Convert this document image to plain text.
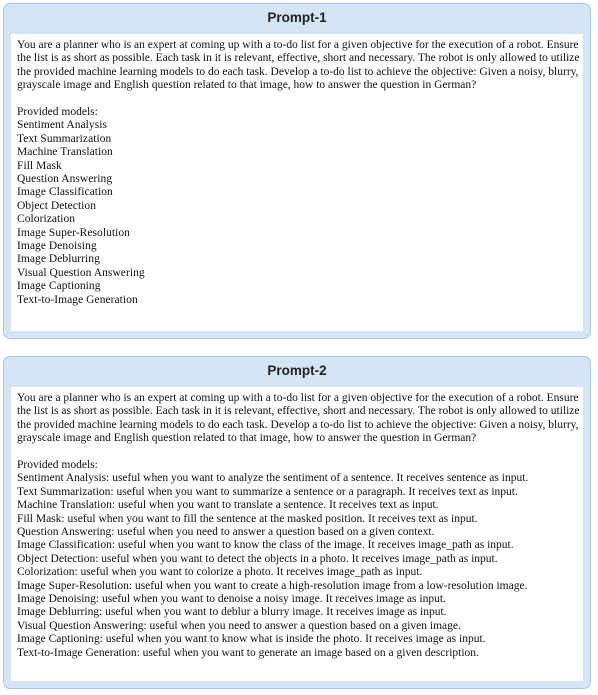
Prompt-1

You are a planner who is an expert at coming up with a to-do list for a given objective for the execution of a robot. Ensure the list is as short as possible. Each task in it is relevant, effective, short and necessary. The robot is only allowed to utilize the provided machine learning models to do each task. Develop a to-do list to achieve the objective: Given a noisy, blurry, grayscale image and English question related to that image, how to answer the question in German?

Provided models:

Sentiment Analysis
Text Summarization
Machine Translation
Fill Mask
Question Answering
Image Classification
Object Detection
Colorization
Image Super-Resolution
Image Denoising
Image Deblurring
Visual Question Answering
Image Captioning
Text-to-Image Generation
Prompt-2

You are a planner who is an expert at coming up with a to-do list for a given objective for the execution of a robot. Ensure the list is as short as possible. Each task in it is relevant, effective, short and necessary. The robot is only allowed to utilize the provided machine learning models to do each task. Develop a to-do list to achieve the objective: Given a noisy, blurry, grayscale image and English question related to that image, how to answer the question in German?

Provided models:

Sentiment Analysis: useful when you want to analyze the sentiment of a sentence. It receives sentence as input.
Text Summarization: useful when you want to summarize a sentence or a paragraph. It receives text as input.
Machine Translation: useful when you want to translate a sentence. It receives text as input.
Fill Mask: useful when you want to fill the sentence at the masked position. It receives text as input.
Question Answering: useful when you need to answer a question based on a given context.
Image Classification: useful when you want to know the class of the image. It receives image_path as input.
Object Detection: useful when you want to detect the objects in a photo. It receives image_path as input.
Colorization: useful when you want to colorize a photo. It receives image_path as input.
Image Super-Resolution: useful when you want to create a high-resolution image from a low-resolution image.
Image Denoising: useful when you want to denoise a noisy image. It receives image as input.
Image Deblurring: useful when you want to deblur a blurry image. It receives image as input.
Visual Question Answering: useful when you need to answer a question based on a given image.
Image Captioning: useful when you want to know what is inside the photo. It receives image as input.
Text-to-Image Generation: useful when you want to generate an image based on a given description.
